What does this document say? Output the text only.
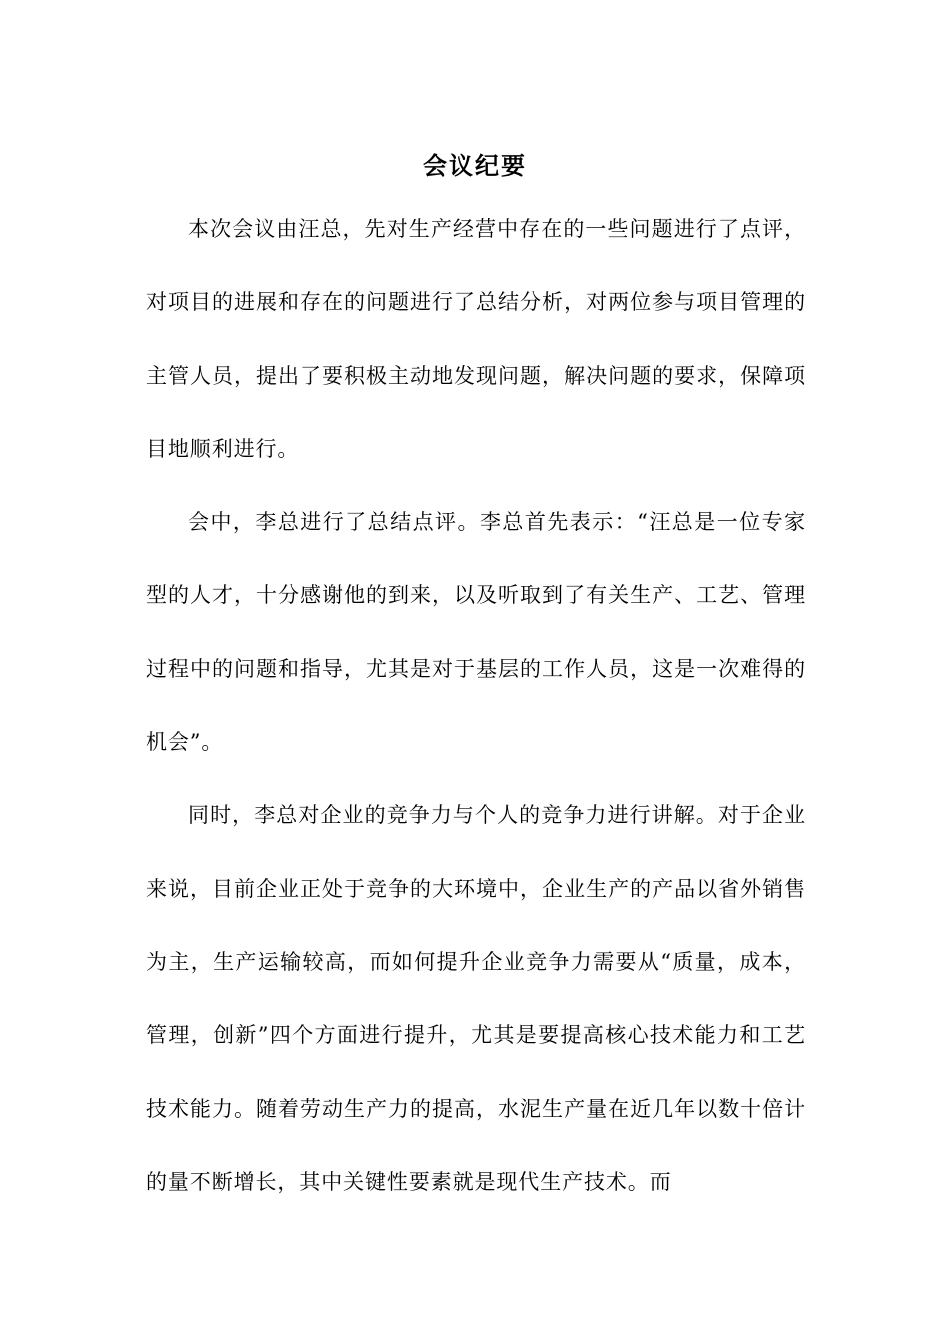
会议纪要

本次会议由汪总，先对生产经营中存在的一些问题进行了点评，对项目的进展和存在的问题进行了总结分析，对两位参与项目管理的主管人员，提出了要积极主动地发现问题，解决问题的要求，保障项目地顺利进行。

会中，李总进行了总结点评。李总首先表示：“汪总是一位专家型的人才，十分感谢他的到来，以及听取到了有关生产、工艺、管理过程中的问题和指导，尤其是对于基层的工作人员，这是一次难得的机会”。

同时，李总对企业的竞争力与个人的竞争力进行讲解。对于企业来说，目前企业正处于竞争的大环境中，企业生产的产品以省外销售为主，生产运输较高，而如何提升企业竞争力需要从“质量，成本，管理，创新”四个方面进行提升，尤其是要提高核心技术能力和工艺技术能力。随着劳动生产力的提高，水泥生产量在近几年以数十倍计的量不断增长，其中关键性要素就是现代生产技术。而
